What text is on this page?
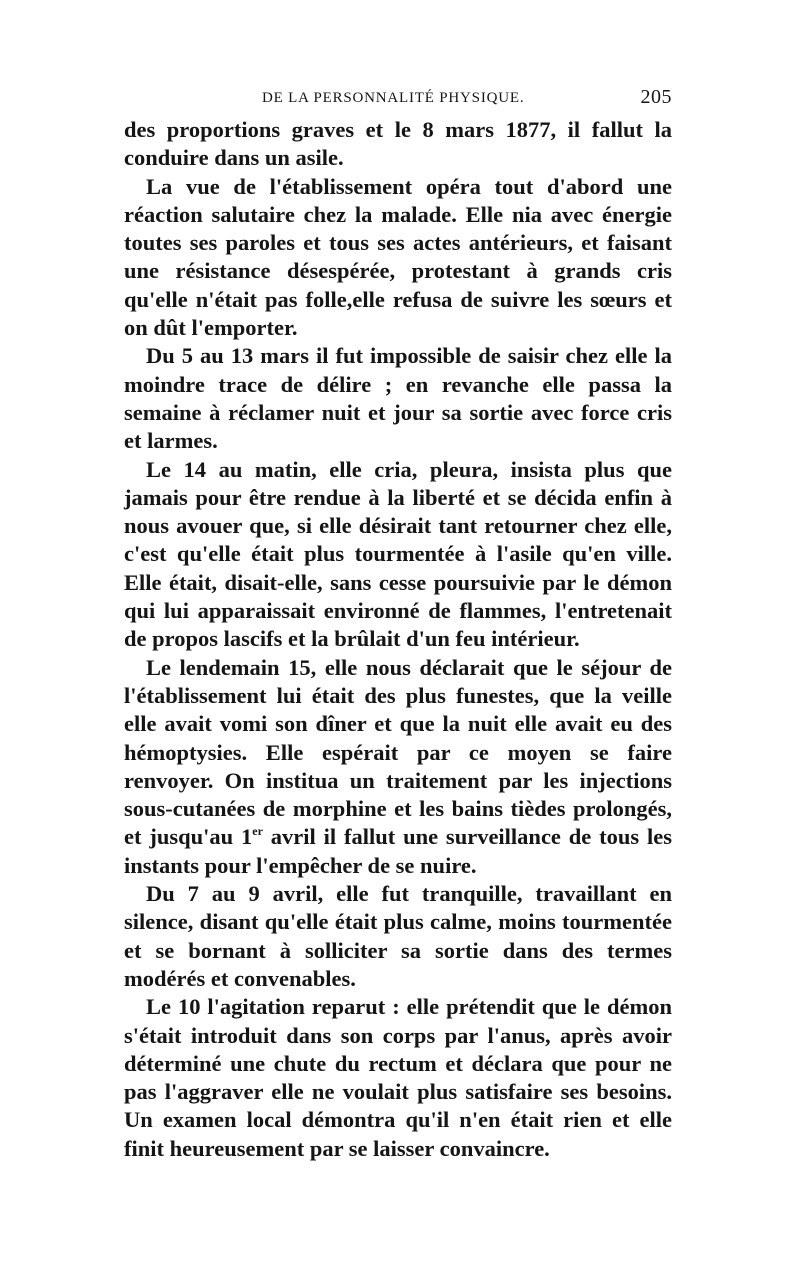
DE LA PERSONNALITÉ PHYSIQUE.	205

des proportions graves et le 8 mars 1877, il fallut la conduire dans un asile.

La vue de l'établissement opéra tout d'abord une réaction salutaire chez la malade. Elle nia avec énergie toutes ses paroles et tous ses actes antérieurs, et faisant une résistance désespérée, protestant à grands cris qu'elle n'était pas folle,elle refusa de suivre les sœurs et on dût l'emporter.

Du 5 au 13 mars il fut impossible de saisir chez elle la moindre trace de délire ; en revanche elle passa la semaine à réclamer nuit et jour sa sortie avec force cris et larmes.

Le 14 au matin, elle cria, pleura, insista plus que jamais pour être rendue à la liberté et se décida enfin à nous avouer que, si elle désirait tant retourner chez elle, c'est qu'elle était plus tourmentée à l'asile qu'en ville. Elle était, disait-elle, sans cesse poursuivie par le démon qui lui apparaissait environné de flammes, l'entretenait de propos lascifs et la brûlait d'un feu intérieur.

Le lendemain 15, elle nous déclarait que le séjour de l'établissement lui était des plus funestes, que la veille elle avait vomi son dîner et que la nuit elle avait eu des hémoptysies. Elle espérait par ce moyen se faire renvoyer. On institua un traitement par les injections sous-cutanées de morphine et les bains tièdes prolongés, et jusqu'au 1er avril il fallut une surveillance de tous les instants pour l'empêcher de se nuire.

Du 7 au 9 avril, elle fut tranquille, travaillant en silence, disant qu'elle était plus calme, moins tourmentée et se bornant à solliciter sa sortie dans des termes modérés et convenables.

Le 10 l'agitation reparut : elle prétendit que le démon s'était introduit dans son corps par l'anus, après avoir déterminé une chute du rectum et déclara que pour ne pas l'aggraver elle ne voulait plus satisfaire ses besoins. Un examen local démontra qu'il n'en était rien et elle finit heureusement par se laisser convaincre.
